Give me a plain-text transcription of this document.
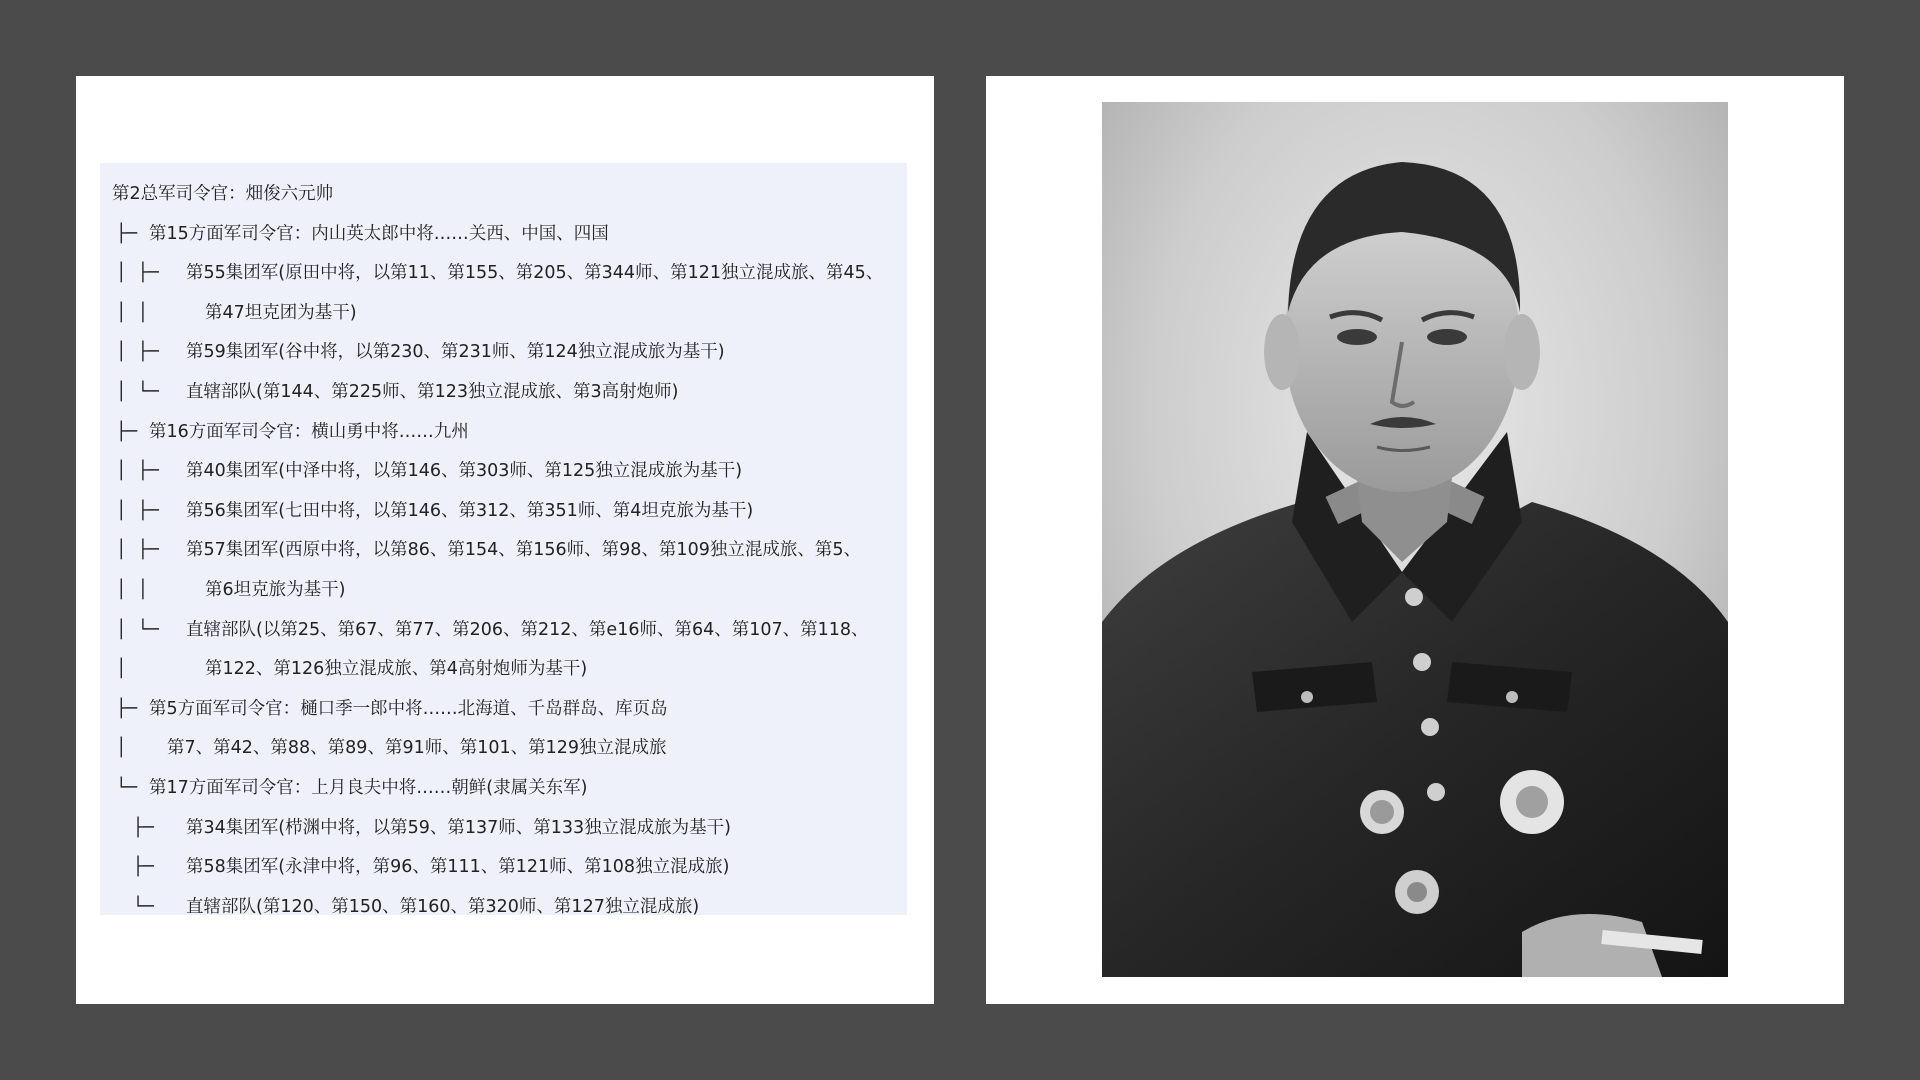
第2总军司令官：畑俊六元帅
├─ 第15方面军司令官：内山英太郎中将……关西、中国、四国
│  ├─ 第55集团军(原田中将，以第11、第155、第205、第344师、第121独立混成旅、第45、
│  │	第47坦克团为基干)
│  ├─ 第59集团军(谷中将，以第230、第231师、第124独立混成旅为基干)
│  └─ 直辖部队(第144、第225师、第123独立混成旅、第3高射炮师)
├─ 第16方面军司令官：横山勇中将……九州
│  ├─ 第40集团军(中泽中将，以第146、第303师、第125独立混成旅为基干)
│  ├─ 第56集团军(七田中将，以第146、第312、第351师、第4坦克旅为基干)
│  ├─ 第57集团军(西原中将，以第86、第154、第156师、第98、第109独立混成旅、第5、
│  │	第6坦克旅为基干)
│  └─ 直辖部队(以第25、第67、第77、第206、第212、第e16师、第64、第107、第118、
│	第122、第126独立混成旅、第4高射炮师为基干)
├─ 第5方面军司令官：樋口季一郎中将……北海道、千岛群岛、库页岛
│ 第7、第42、第88、第89、第91师、第101、第129独立混成旅
└─ 第17方面军司令官：上月良夫中将……朝鲜(隶属关东军)
├─ 第34集团军(栉渊中将，以第59、第137师、第133独立混成旅为基干)
├─ 第58集团军(永津中将，第96、第111、第121师、第108独立混成旅)
└─ 直辖部队(第120、第150、第160、第320师、第127独立混成旅)
